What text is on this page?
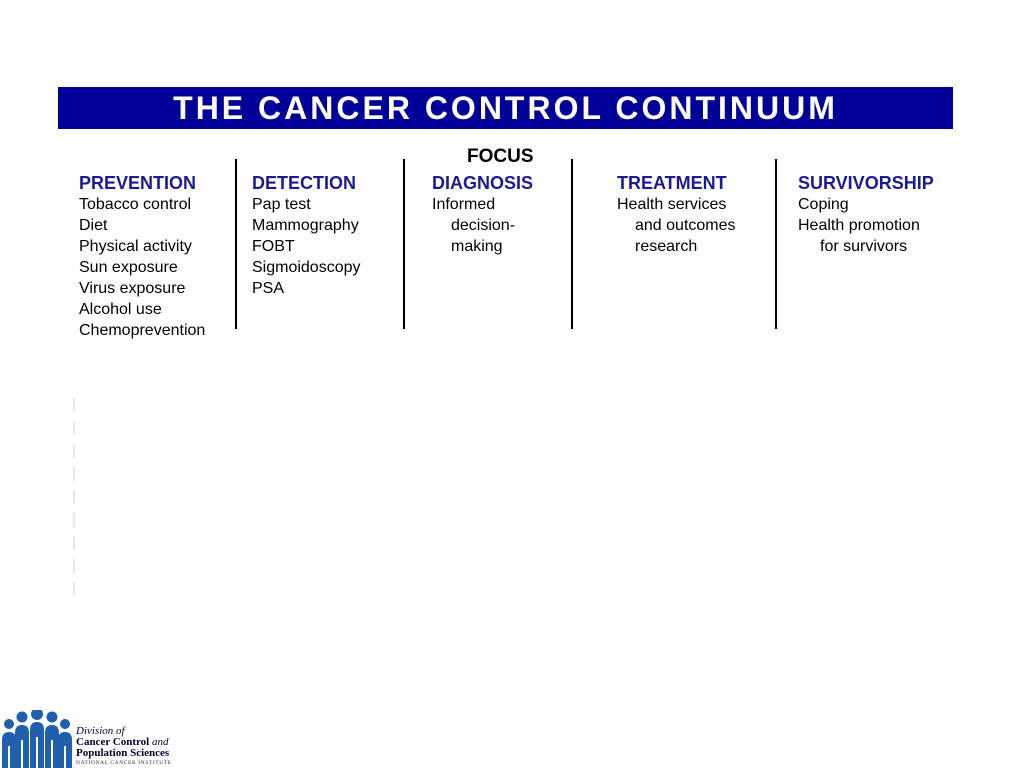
THE CANCER CONTROL CONTINUUM
FOCUS
PREVENTION
Tobacco control
Diet
Physical activity
Sun exposure
Virus exposure
Alcohol use
Chemoprevention
DETECTION
Pap test
Mammography
FOBT
Sigmoidoscopy
PSA
DIAGNOSIS
Informed
decision-
making
TREATMENT
Health services
and outcomes
research
SURVIVORSHIP
Coping
Health promotion
for survivors
Division of
Cancer Control and
Population Sciences
NATIONAL CANCER INSTITUTE
